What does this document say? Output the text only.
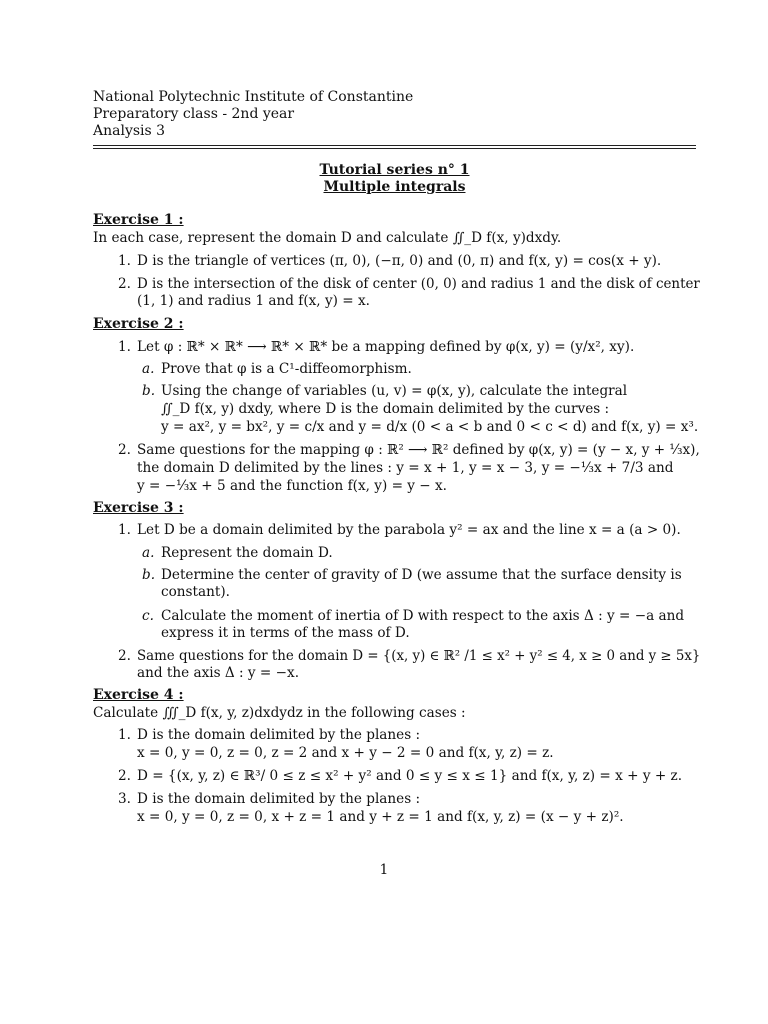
National Polytechnic Institute of Constantine
Preparatory class - 2nd year
Analysis 3
Tutorial series n° 1
Multiple integrals
Exercise 1 :
In each case, represent the domain D and calculate ∬_D f(x, y)dxdy.
1. D is the triangle of vertices (π, 0), (−π, 0) and (0, π) and f(x, y) = cos(x + y).
2. D is the intersection of the disk of center (0, 0) and radius 1 and the disk of center
(1, 1) and radius 1 and f(x, y) = x.
Exercise 2 :
1. Let φ : ℝ* × ℝ* ⟶ ℝ* × ℝ* be a mapping defined by φ(x, y) = (y/x², xy).
a. Prove that φ is a C¹-diffeomorphism.
b. Using the change of variables (u, v) = φ(x, y), calculate the integral
∬_D f(x, y) dxdy, where D is the domain delimited by the curves :
y = ax², y = bx², y = c/x and y = d/x (0 < a < b and 0 < c < d) and f(x, y) = x³.
2. Same questions for the mapping φ : ℝ² ⟶ ℝ² defined by φ(x, y) = (y − x, y + ⅓x),
the domain D delimited by the lines : y = x + 1, y = x − 3, y = −⅓x + 7/3 and
y = −⅓x + 5 and the function f(x, y) = y − x.
Exercise 3 :
1. Let D be a domain delimited by the parabola y² = ax and the line x = a (a > 0).
a. Represent the domain D.
b. Determine the center of gravity of D (we assume that the surface density is
constant).
c. Calculate the moment of inertia of D with respect to the axis Δ : y = −a and
express it in terms of the mass of D.
2. Same questions for the domain D = {(x, y) ∈ ℝ² /1 ≤ x² + y² ≤ 4, x ≥ 0 and y ≥ 5x}
and the axis Δ : y = −x.
Exercise 4 :
Calculate ∭_D f(x, y, z)dxdydz in the following cases :
1. D is the domain delimited by the planes :
x = 0, y = 0, z = 0, z = 2 and x + y − 2 = 0 and f(x, y, z) = z.
2. D = {(x, y, z) ∈ ℝ³/ 0 ≤ z ≤ x² + y² and 0 ≤ y ≤ x ≤ 1} and f(x, y, z) = x + y + z.
3. D is the domain delimited by the planes :
x = 0, y = 0, z = 0, x + z = 1 and y + z = 1 and f(x, y, z) = (x − y + z)².
1
